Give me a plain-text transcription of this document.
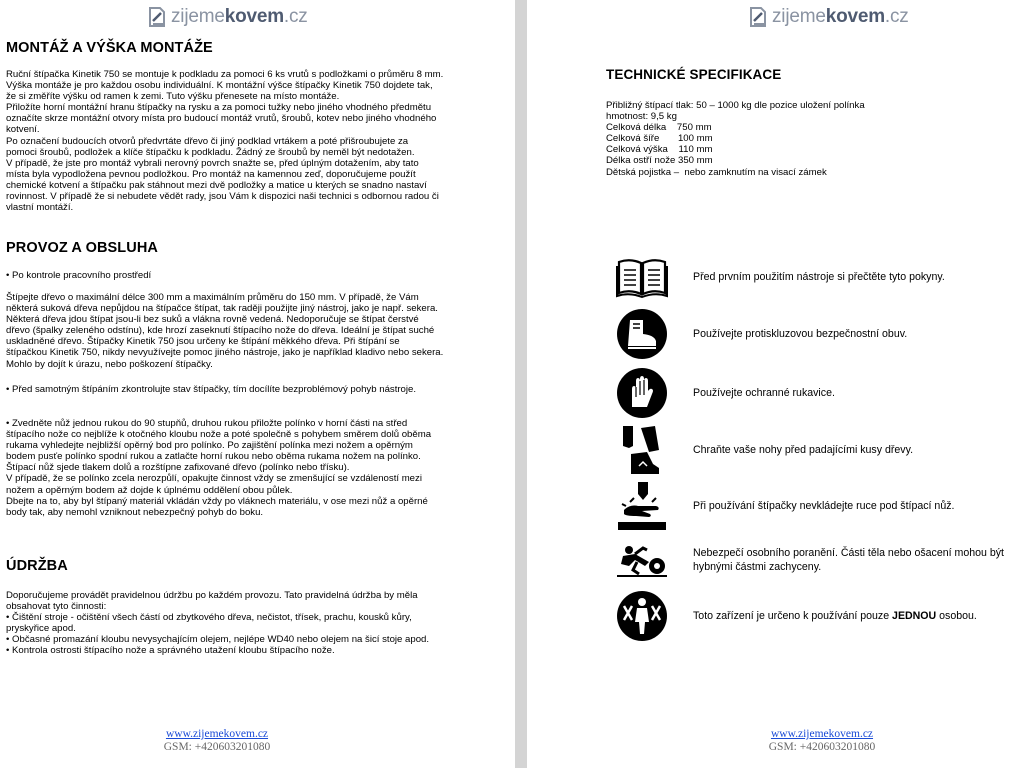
zijeme kovem .cz
MONTÁŽ A VÝŠKA MONTÁŽE

Ruční štípačka Kinetik 750 se montuje k podkladu za pomoci 6 ks vrutů s podložkami o průměru 8 mm.
Výška montáže je pro každou osobu individuální. K montážní výšce štípačky Kinetik 750 dojdete tak,
že si změříte výšku od ramen k zemi. Tuto výšku přenesete na místo montáže.
Přiložíte horní montážní hranu štípačky na rysku a za pomoci tužky nebo jiného vhodného předmětu
označíte skrze montážní otvory místa pro budoucí montáž vrutů, šroubů, kotev nebo jiného vhodného
kotvení.
Po označení budoucích otvorů předvrtáte dřevo či jiný podklad vrtákem a poté přišroubujete za
pomoci šroubů, podložek a klíče štípačku k podkladu. Žádný ze šroubů by neměl být nedotažen.
V případě, že jste pro montáž vybrali nerovný povrch snažte se, před úplným dotažením, aby tato
místa byla vypodložena pevnou podložkou. Pro montáž na kamennou zeď, doporučujeme použít
chemické kotvení a štípačku pak stáhnout mezi dvě podložky a matice u kterých se snadno nastaví
rovinnost. V případě že si nebudete vědět rady, jsou Vám k dispozici naši technici s odbornou radou či
vlastní montáží.

PROVOZ A OBSLUHA

• Po kontrole pracovního prostředí

Štípejte dřevo o maximální délce 300 mm a maximálním průměru do 150 mm. V případě, že Vám
některá suková dřeva nepůjdou na štípačce štípat, tak raději použijte jiný nástroj, jako je např. sekera.
Některá dřeva jdou štípat jsou-li bez suků a vlákna rovně vedená. Nedoporučuje se štípat čerstvé
dřevo (špalky zeleného odstínu), kde hrozí zaseknutí štípacího nože do dřeva. Ideální je štípat suché
uskladněné dřevo. Štípačky Kinetik 750 jsou určeny ke štípání měkkého dřeva. Při štípání se
štípačkou Kinetik 750, nikdy nevyužívejte pomoc jiného nástroje, jako je například kladivo nebo sekera.
Mohlo by dojít k úrazu, nebo poškození štípačky.

• Před samotným štípáním zkontrolujte stav štípačky, tím docílíte bezproblémový pohyb nástroje.

• Zvedněte nůž jednou rukou do 90 stupňů, druhou rukou přiložte polínko v horní části na střed
štípacího nože co nejblíže k otočného kloubu nože a poté společně s pohybem směrem dolů oběma
rukama vyhledejte nejbližší opěrný bod pro polínko. Po zajištění polínka mezi nožem a opěrným
bodem pusťe polínko spodní rukou a zatlačte horní rukou nebo oběma rukama nožem na polínko.
Štípací nůž sjede tlakem dolů a rozštípne zafixované dřevo (polínko nebo třísku).
V případě, že se polínko zcela nerozpůlí, opakujte činnost vždy se zmenšující se vzdáleností mezi
nožem a opěrným bodem až dojde k úplnému oddělení obou půlek.
Dbejte na to, aby byl štípaný materiál vkládán vždy po vláknech materiálu, v ose mezi nůž a opěrné
body tak, aby nemohl vzniknout nebezpečný pohyb do boku.

ÚDRŽBA

Doporučujeme provádět pravidelnou údržbu po každém provozu. Tato pravidelná údržba by měla
obsahovat tyto činnosti:
• Čištění stroje - očištění všech částí od zbytkového dřeva, nečistot, třísek, prachu, kousků kůry,
pryskyřice apod.
• Občasné promazání kloubu nevysychajícím olejem, nejlépe WD40 nebo olejem na šicí stoje apod.
• Kontrola ostrosti štípacího nože a správného utažení kloubu štípacího nože.

www.zijemekovem.cz
GSM: +420603201080
zijeme kovem .cz
TECHNICKÉ SPECIFIKACE
Přibližný štípací tlak: 50 – 1000 kg dle pozice uložení polínka
hmotnost: 9,5 kg
Celková délka    750 mm
Celková šíře       100 mm
Celková výška    110 mm
Délka ostří nože 350 mm
Dětská pojistka –  nebo zamknutím na visací zámek
Před prvním použitím nástroje si přečtěte tyto pokyny.
Používejte protiskluzovou bezpečnostní obuv.
Používejte ochranné rukavice.
Chraňte vaše nohy před padajícími kusy dřevy.
Při používání štípačky nevkládejte ruce pod štípací nůž.
Nebezpečí osobního poranění. Části těla nebo ošacení mohou být
hybnými částmi zachyceny.
Toto zařízení je určeno k používání pouze JEDNOU osobou.
www.zijemekovem.cz
GSM: +420603201080
